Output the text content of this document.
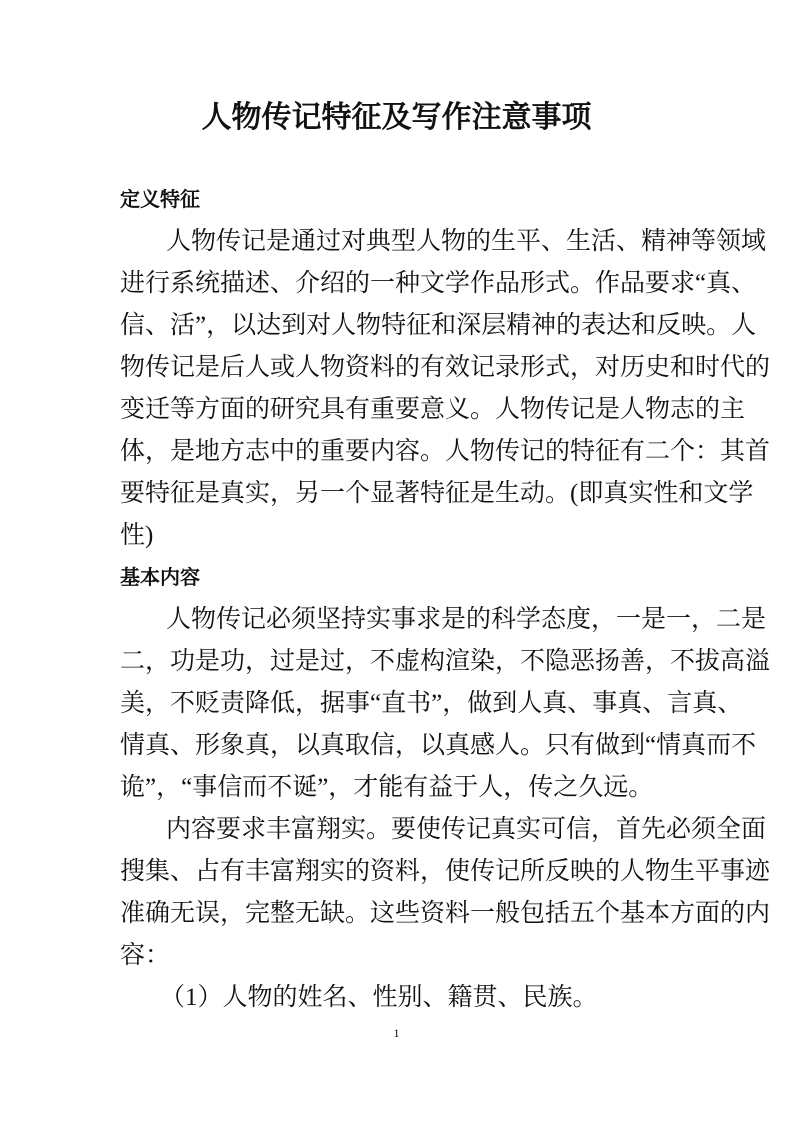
人物传记特征及写作注意事项
定义特征
人物传记是通过对典型人物的生平、生活、精神等领域
进行系统描述、介绍的一种文学作品形式。作品要求“真、
信、活”，以达到对人物特征和深层精神的表达和反映。人
物传记是后人或人物资料的有效记录形式，对历史和时代的
变迁等方面的研究具有重要意义。人物传记是人物志的主
体，是地方志中的重要内容。人物传记的特征有二个：其首
要特征是真实，另一个显著特征是生动。(即真实性和文学
性)
基本内容
人物传记必须坚持实事求是的科学态度，一是一，二是
二，功是功，过是过，不虚构渲染，不隐恶扬善，不拔高溢
美，不贬责降低，据事“直书”，做到人真、事真、言真、
情真、形象真，以真取信，以真感人。只有做到“情真而不
诡”，“事信而不诞”，才能有益于人，传之久远。
内容要求丰富翔实。要使传记真实可信，首先必须全面
搜集、占有丰富翔实的资料，使传记所反映的人物生平事迹
准确无误，完整无缺。这些资料一般包括五个基本方面的内
容：
（1）人物的姓名、性别、籍贯、民族。
1
